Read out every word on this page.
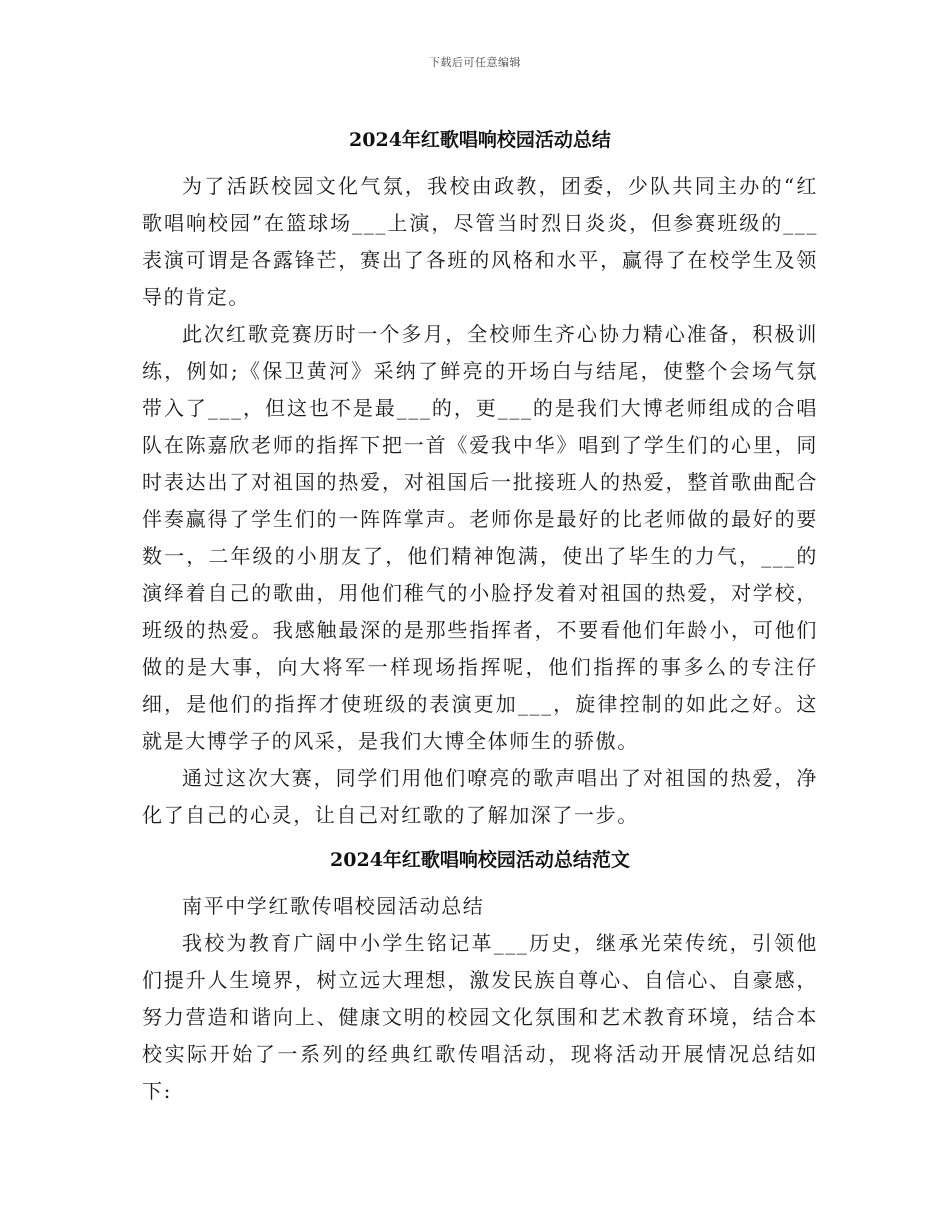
下载后可任意编辑
2024年红歌唱响校园活动总结

为了活跃校园文化气氛，我校由政教，团委，少队共同主办的“红歌唱响校园”在篮球场___上演，尽管当时烈日炎炎，但参赛班级的___表演可谓是各露锋芒，赛出了各班的风格和水平，赢得了在校学生及领导的肯定。

此次红歌竞赛历时一个多月，全校师生齐心协力精心准备，积极训练，例如;《保卫黄河》采纳了鲜亮的开场白与结尾，使整个会场气氛带入了___，但这也不是最___的，更___的是我们大博老师组成的合唱队在陈嘉欣老师的指挥下把一首《爱我中华》唱到了学生们的心里，同时表达出了对祖国的热爱，对祖国后一批接班人的热爱，整首歌曲配合伴奏赢得了学生们的一阵阵掌声。老师你是最好的比老师做的最好的要数一，二年级的小朋友了，他们精神饱满，使出了毕生的力气，___的演绎着自己的歌曲，用他们稚气的小脸抒发着对祖国的热爱，对学校，班级的热爱。我感触最深的是那些指挥者，不要看他们年龄小，可他们做的是大事，向大将军一样现场指挥呢，他们指挥的事多么的专注仔细，是他们的指挥才使班级的表演更加___，旋律控制的如此之好。这就是大博学子的风采，是我们大博全体师生的骄傲。

通过这次大赛，同学们用他们嘹亮的歌声唱出了对祖国的热爱，净化了自己的心灵，让自己对红歌的了解加深了一步。

2024年红歌唱响校园活动总结范文

南平中学红歌传唱校园活动总结

我校为教育广阔中小学生铭记革___历史，继承光荣传统，引领他们提升人生境界，树立远大理想，激发民族自尊心、自信心、自豪感，努力营造和谐向上、健康文明的校园文化氛围和艺术教育环境，结合本校实际开始了一系列的经典红歌传唱活动，现将活动开展情况总结如下:
